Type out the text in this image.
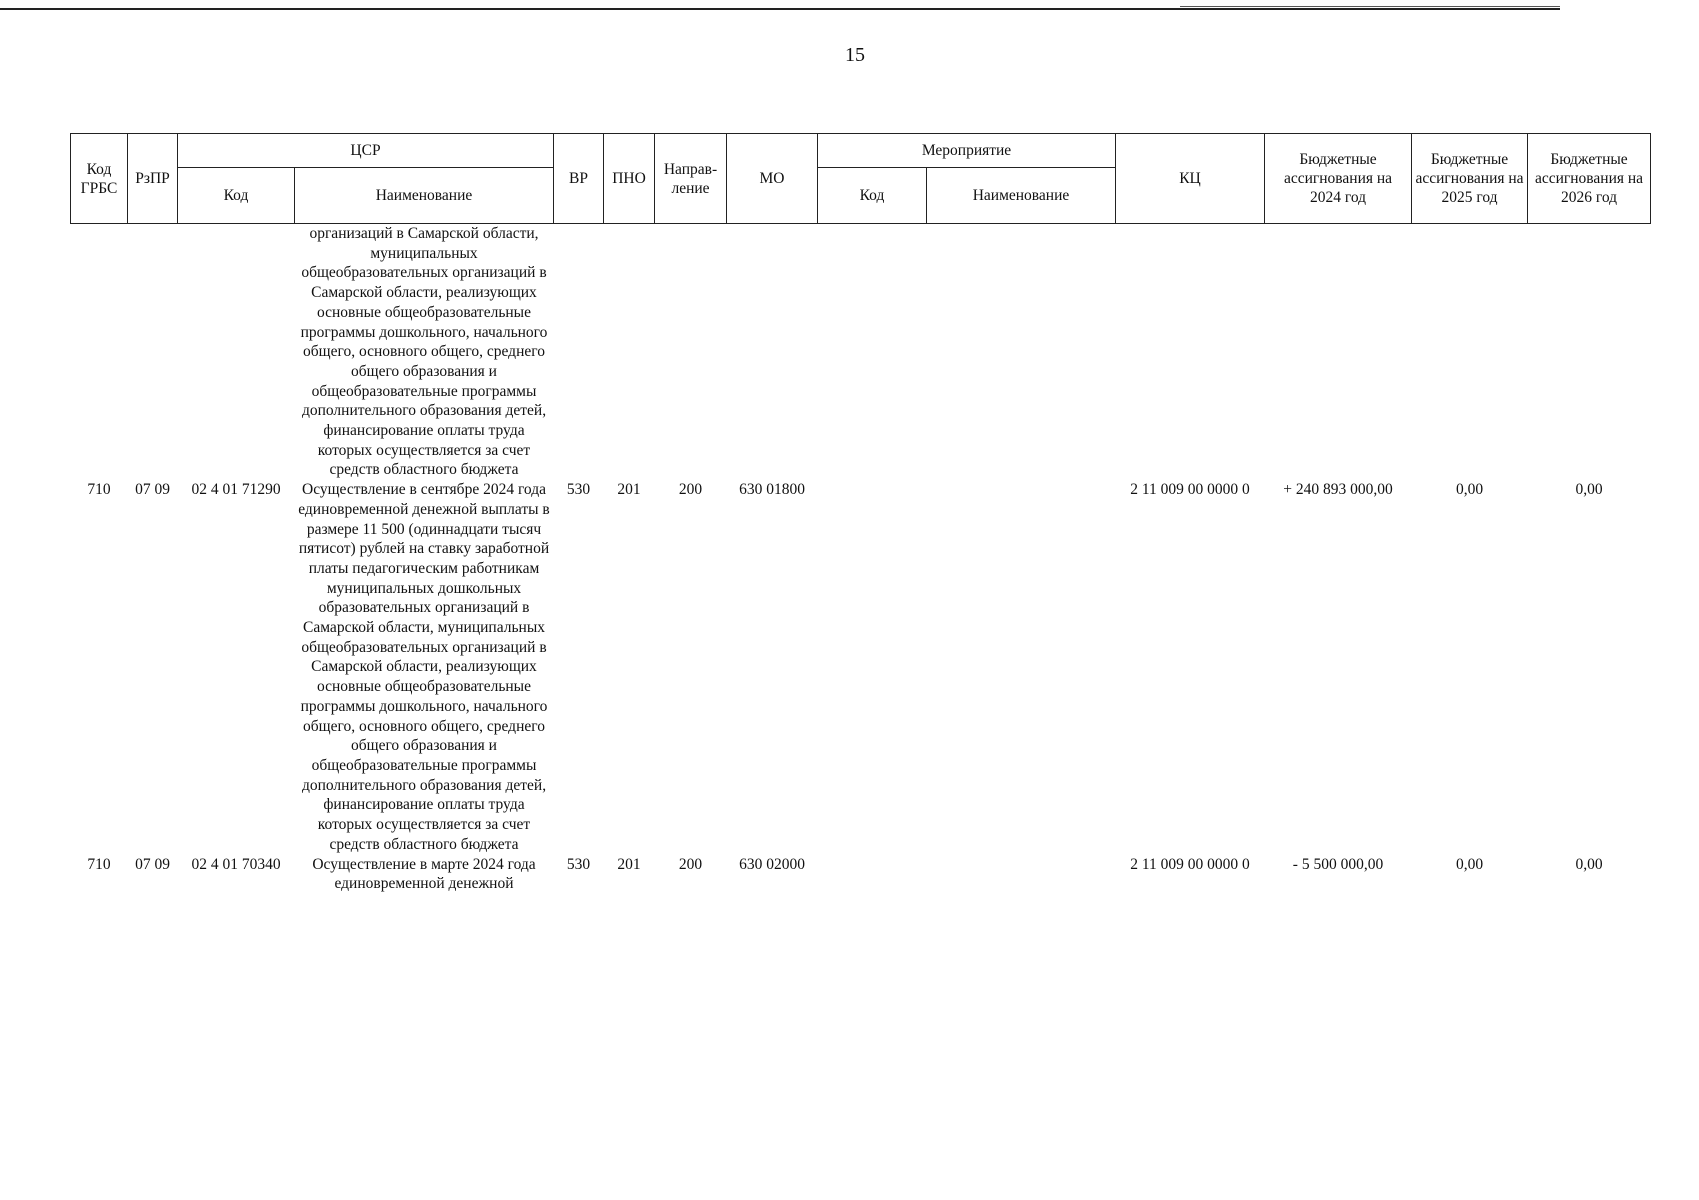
15
Код ГРБС	РзПР	ЦСР		ВР	ПНО	Направ-ление	МО	Мероприятие		КЦ	Бюджетные ассигнования на 2024 год	Бюджетные ассигнования на 2025 год	Бюджетные ассигнования на 2026 год
		Код	Наименование					Код	Наименование				
			организаций в Самарской области, муниципальных общеобразовательных организаций в Самарской области, реализующих основные общеобразовательные программы дошкольного, начального общего, основного общего, среднего общего образования и общеобразовательные программы дополнительного образования детей, финансирование оплаты труда которых осуществляется за счет средств областного бюджета										
710	07 09	02 4 01 71290	Осуществление в сентябре 2024 года единовременной денежной выплаты в размере 11 500 (одиннадцати тысяч пятисот) рублей на ставку заработной платы педагогическим работникам муниципальных дошкольных образовательных организаций в Самарской области, муниципальных общеобразовательных организаций в Самарской области, реализующих основные общеобразовательные программы дошкольного, начального общего, основного общего, среднего общего образования и общеобразовательные программы дополнительного образования детей, финансирование оплаты труда которых осуществляется за счет средств областного бюджета	530	201	200	630 01800			2 11 009 00 0000 0	+ 240 893 000,00	0,00	0,00
710	07 09	02 4 01 70340	Осуществление в марте 2024 года единовременной денежной	530	201	200	630 02000			2 11 009 00 0000 0	- 5 500 000,00	0,00	0,00
